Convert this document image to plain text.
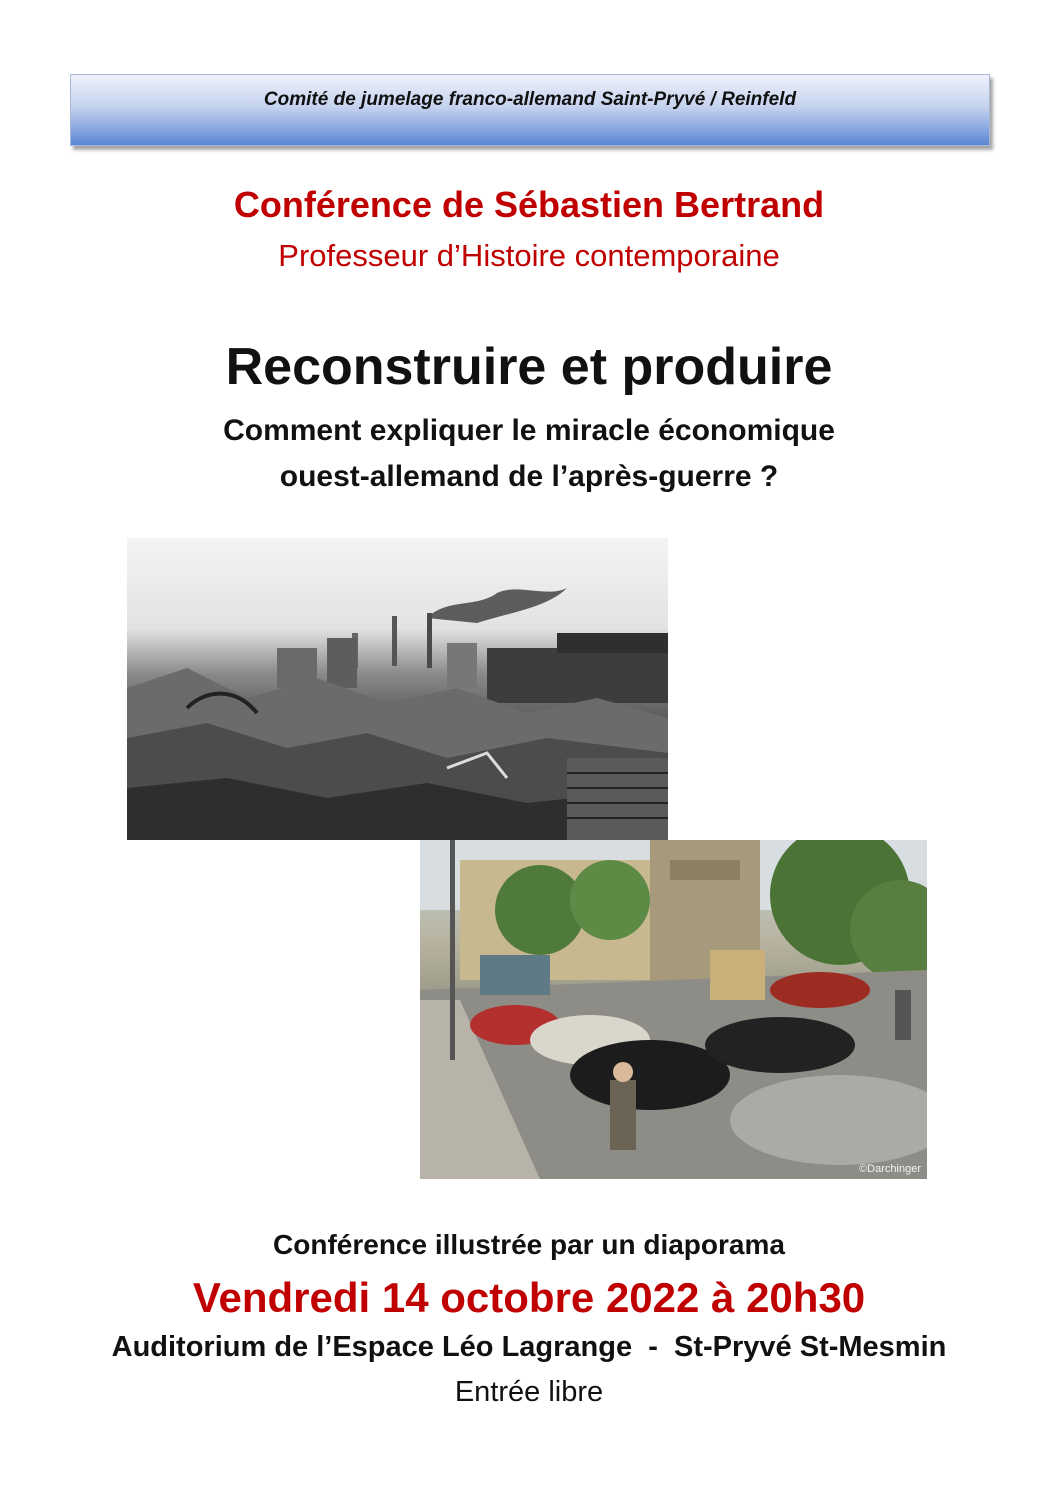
Comité de jumelage franco-allemand Saint-Pryvé / Reinfeld
Conférence de Sébastien Bertrand
Professeur d’Histoire contemporaine
Reconstruire et produire
Comment expliquer le miracle économique
ouest-allemand de l’après-guerre ?
©Darchinger
Conférence illustrée par un diaporama
Vendredi 14 octobre 2022 à 20h30
Auditorium de l’Espace Léo Lagrange  -  St-Pryvé St-Mesmin
Entrée libre
